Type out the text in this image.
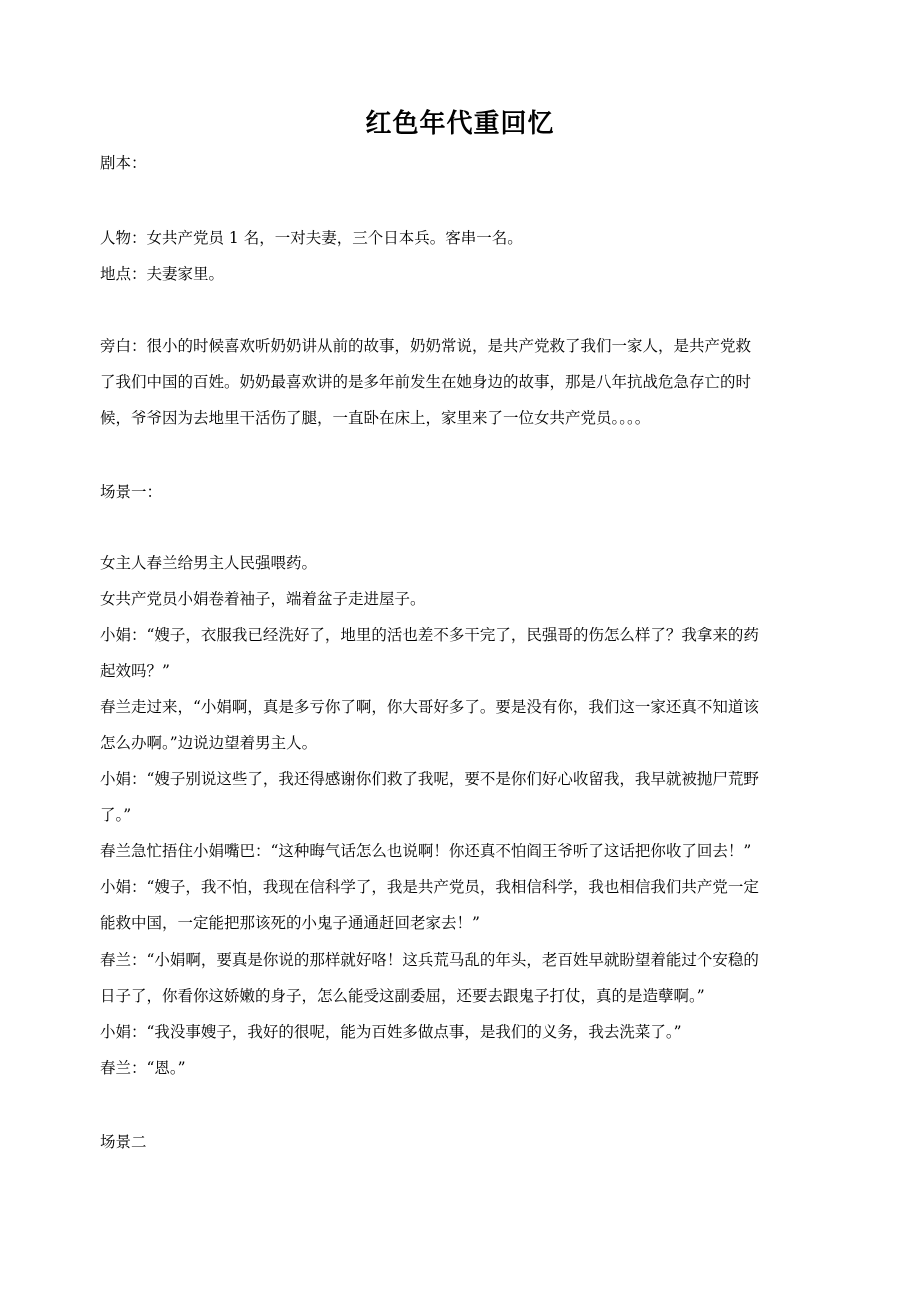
红色年代重回忆
剧本：
人物：女共产党员 1 名，一对夫妻，三个日本兵。客串一名。
地点：夫妻家里。
旁白：很小的时候喜欢听奶奶讲从前的故事，奶奶常说，是共产党救了我们一家人，是共产党救
了我们中国的百姓。奶奶最喜欢讲的是多年前发生在她身边的故事，那是八年抗战危急存亡的时
候，爷爷因为去地里干活伤了腿，一直卧在床上，家里来了一位女共产党员。。。。
场景一：
女主人春兰给男主人民强喂药。
女共产党员小娟卷着袖子，端着盆子走进屋子。
小娟：“嫂子，衣服我已经洗好了，地里的活也差不多干完了，民强哥的伤怎么样了？我拿来的药
起效吗？”
春兰走过来，“小娟啊，真是多亏你了啊，你大哥好多了。要是没有你，我们这一家还真不知道该
怎么办啊。”边说边望着男主人。
小娟：“嫂子别说这些了，我还得感谢你们救了我呢，要不是你们好心收留我，我早就被抛尸荒野
了。”
春兰急忙捂住小娟嘴巴：“这种晦气话怎么也说啊！你还真不怕阎王爷听了这话把你收了回去！”
小娟：“嫂子，我不怕，我现在信科学了，我是共产党员，我相信科学，我也相信我们共产党一定
能救中国，一定能把那该死的小鬼子通通赶回老家去！”
春兰：“小娟啊，要真是你说的那样就好咯！这兵荒马乱的年头，老百姓早就盼望着能过个安稳的
日子了，你看你这娇嫩的身子，怎么能受这副委屈，还要去跟鬼子打仗，真的是造孽啊。”
小娟：“我没事嫂子，我好的很呢，能为百姓多做点事，是我们的义务，我去洗菜了。”
春兰：“恩。”
场景二
